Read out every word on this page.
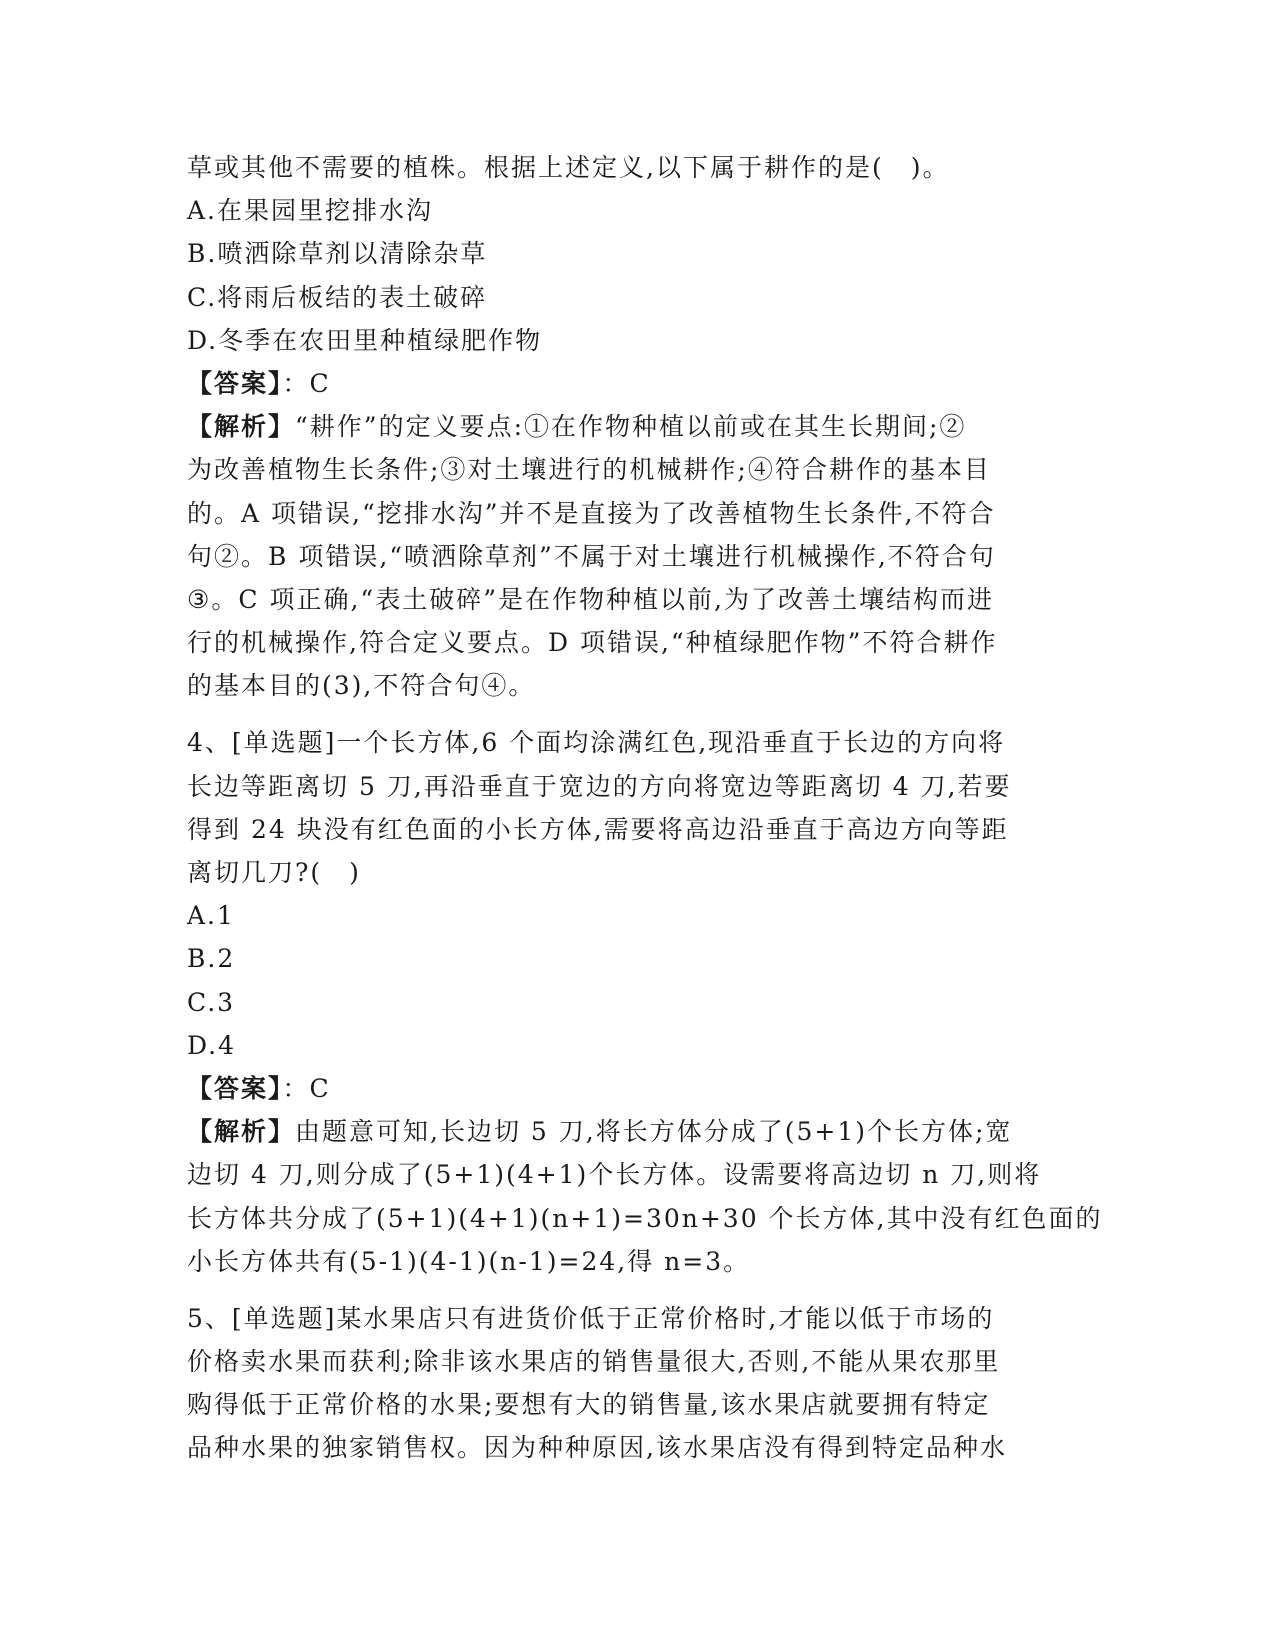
草或其他不需要的植株。根据上述定义,以下属于耕作的是(　)。
A.在果园里挖排水沟
B.喷洒除草剂以清除杂草
C.将雨后板结的表土破碎
D.冬季在农田里种植绿肥作物
【答案】：C
【解析】“耕作”的定义要点:①在作物种植以前或在其生长期间;②
为改善植物生长条件;③对土壤进行的机械耕作;④符合耕作的基本目
的。A 项错误,“挖排水沟”并不是直接为了改善植物生长条件,不符合
句②。B 项错误,“喷洒除草剂”不属于对土壤进行机械操作,不符合句
③。C 项正确,“表土破碎”是在作物种植以前,为了改善土壤结构而进
行的机械操作,符合定义要点。D 项错误,“种植绿肥作物”不符合耕作
的基本目的(3),不符合句④。
4、[单选题]一个长方体,6 个面均涂满红色,现沿垂直于长边的方向将
长边等距离切 5 刀,再沿垂直于宽边的方向将宽边等距离切 4 刀,若要
得到 24 块没有红色面的小长方体,需要将高边沿垂直于高边方向等距
离切几刀?(　)
A.1
B.2
C.3
D.4
【答案】：C
【解析】由题意可知,长边切 5 刀,将长方体分成了(5+1)个长方体;宽
边切 4 刀,则分成了(5+1)(4+1)个长方体。设需要将高边切 n 刀,则将
长方体共分成了(5+1)(4+1)(n+1)=30n+30 个长方体,其中没有红色面的
小长方体共有(5-1)(4-1)(n-1)=24,得 n=3。
5、[单选题]某水果店只有进货价低于正常价格时,才能以低于市场的
价格卖水果而获利;除非该水果店的销售量很大,否则,不能从果农那里
购得低于正常价格的水果;要想有大的销售量,该水果店就要拥有特定
品种水果的独家销售权。因为种种原因,该水果店没有得到特定品种水
